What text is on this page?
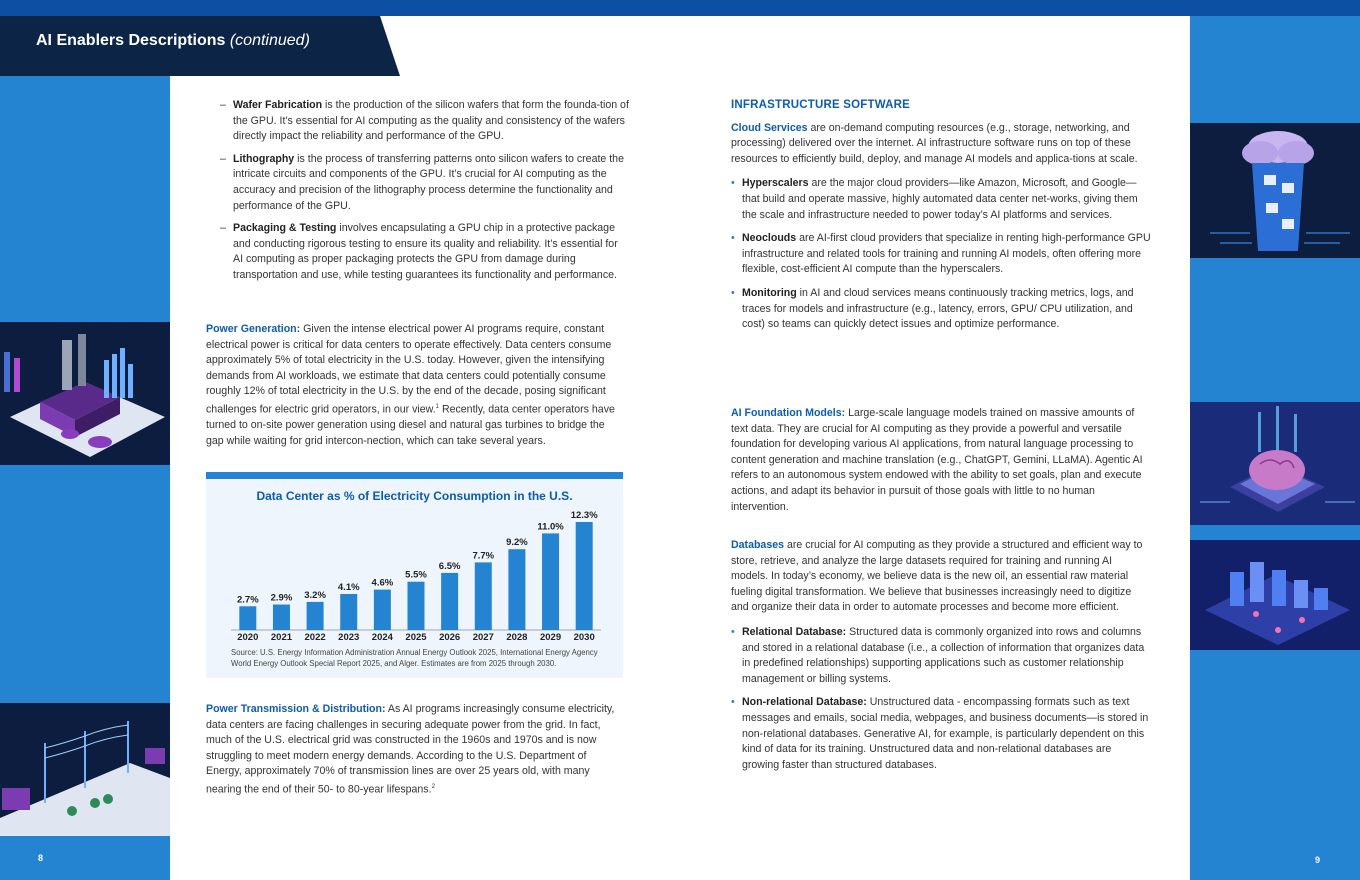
AI Enablers Descriptions (continued)
8	9
– Wafer Fabrication is the production of the silicon wafers that form the founda-tion of the GPU. It’s essential for AI computing as the quality and consistency of the wafers directly impact the reliability and performance of the GPU.
– Lithography is the process of transferring patterns onto silicon wafers to create the intricate circuits and components of the GPU. It’s crucial for AI computing as the accuracy and precision of the lithography process determine the functionality and performance of the GPU.
– Packaging & Testing involves encapsulating a GPU chip in a protective package and conducting rigorous testing to ensure its quality and reliability. It’s essential for AI computing as proper packaging protects the GPU from damage during transportation and use, while testing guarantees its functionality and performance.

Power Generation: Given the intense electrical power AI programs require, constant electrical power is critical for data centers to operate effectively. Data centers consume approximately 5% of total electricity in the U.S. today. However, given the intensifying demands from AI workloads, we estimate that data centers could potentially consume roughly 12% of total electricity in the U.S. by the end of the decade, posing significant challenges for electric grid operators, in our view.$^1$ Recently, data center operators have turned to on-site power generation using diesel and natural gas turbines to bridge the gap while waiting for grid intercon-nection, which can take several years.

Data Center as % of Electricity Consumption in the U.S.
2.7%
2020
2.9%
2021
3.2%
2022
4.1%
2023
4.6%
2024
5.5%
2025
6.5%
2026
7.7%
2027
9.2%
2028
11.0%
2029
12.3%
2030
Source: U.S. Energy Information Administration Annual Energy Outlook 2025, International Energy Agency World Energy Outlook Special Report 2025, and Alger. Estimates are from 2025 through 2030.

Power Transmission & Distribution: As AI programs increasingly consume electricity, data centers are facing challenges in securing adequate power from the grid. In fact, much of the U.S. electrical grid was constructed in the 1960s and 1970s and is now struggling to meet modern energy demands. According to the U.S. Department of Energy, approximately 70% of transmission lines are over 25 years old, with many nearing the end of their 50- to 80-year lifespans.$^2$

INFRASTRUCTURE SOFTWARE

Cloud Services are on-demand computing resources (e.g., storage, networking, and processing) delivered over the internet. AI infrastructure software runs on top of these resources to efficiently build, deploy, and manage AI models and applica-tions at scale.

• Hyperscalers are the major cloud providers—like Amazon, Microsoft, and Google—that build and operate massive, highly automated data center net-works, giving them the scale and infrastructure needed to power today’s AI platforms and services.
• Neoclouds are AI-first cloud providers that specialize in renting high-performance GPU infrastructure and related tools for training and running AI models, often offering more flexible, cost-efficient AI compute than the hyperscalers.
• Monitoring in AI and cloud services means continuously tracking metrics, logs, and traces for models and infrastructure (e.g., latency, errors, GPU/ CPU utilization, and cost) so teams can quickly detect issues and optimize performance.

AI Foundation Models: Large-scale language models trained on massive amounts of text data. They are crucial for AI computing as they provide a powerful and versatile foundation for developing various AI applications, from natural language processing to content generation and machine translation (e.g., ChatGPT, Gemini, LLaMA). Agentic AI refers to an autonomous system endowed with the ability to set goals, plan and execute actions, and adapt its behavior in pursuit of those goals with little to no human intervention.

Databases are crucial for AI computing as they provide a structured and efficient way to store, retrieve, and analyze the large datasets required for training and running AI models. In today’s economy, we believe data is the new oil, an essential raw material fueling digital transformation. We believe that businesses increasingly need to digitize and organize their data in order to automate processes and become more efficient.

• Relational Database: Structured data is commonly organized into rows and columns and stored in a relational database (i.e., a collection of information that organizes data in predefined relationships) supporting applications such as customer relationship management or billing systems.
• Non-relational Database: Unstructured data - encompassing formats such as text messages and emails, social media, webpages, and business documents—is stored in non-relational databases. Generative AI, for example, is particularly dependent on this kind of data for its training. Unstructured data and non-relational databases are growing faster than structured databases.
